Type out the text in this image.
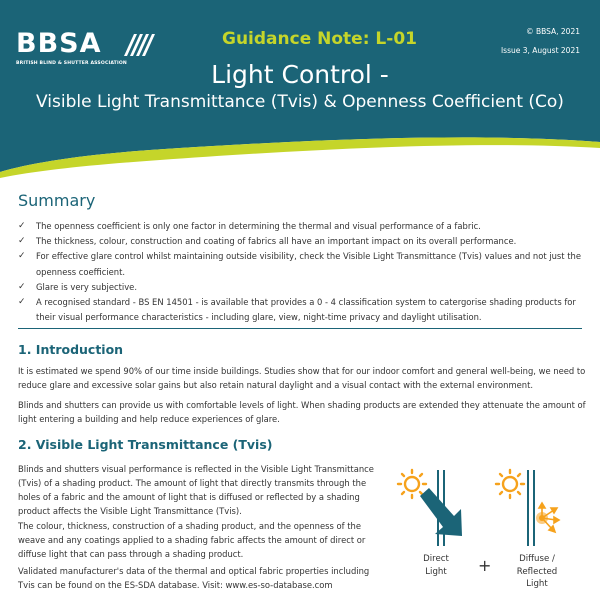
BBSA
BRITISH BLIND & SHUTTER ASSOCIATION
Guidance Note: L-01	© BBSA, 2021
Issue 3, August 2021
Light Control -
Visible Light Transmittance (Tvis) & Openness Coefficient (Co)
Summary
✓ The openness coefficient is only one factor in determining the thermal and visual performance of a fabric.
✓ The thickness, colour, construction and coating of fabrics all have an important impact on its overall performance.
✓ For effective glare control whilst maintaining outside visibility, check the Visible Light Transmittance (Tvis) values and not just the openness coefficient.
✓ Glare is very subjective.
✓ A recognised standard - BS EN 14501 - is available that provides a 0 - 4 classification system to catergorise shading products for their visual performance characteristics - including glare, view, night-time privacy and daylight utilisation.
1. Introduction
It is estimated we spend 90% of our time inside buildings. Studies show that for our indoor comfort and general well-being, we need to reduce glare and excessive solar gains but also retain natural daylight and a visual contact with the external environment.
Blinds and shutters can provide us with comfortable levels of light. When shading products are extended they attenuate the amount of light entering a building and help reduce experiences of glare.
2. Visible Light Transmittance (Tvis)
Blinds and shutters visual performance is reflected in the Visible Light Transmittance (Tvis) of a shading product. The amount of light that directly transmits through the holes of a fabric and the amount of light that is diffused or reflected by a shading product affects the Visible Light Transmittance (Tvis).
The colour, thickness, construction of a shading product, and the openness of the weave and any coatings applied to a shading fabric affects the amount of direct or diffuse light that can pass through a shading product.
Validated manufacturer's data of the thermal and optical fabric properties including Tvis can be found on the ES-SDA database. Visit: www.es-so-database.com
Direct
Light	+	Diffuse /
Reflected
Light
